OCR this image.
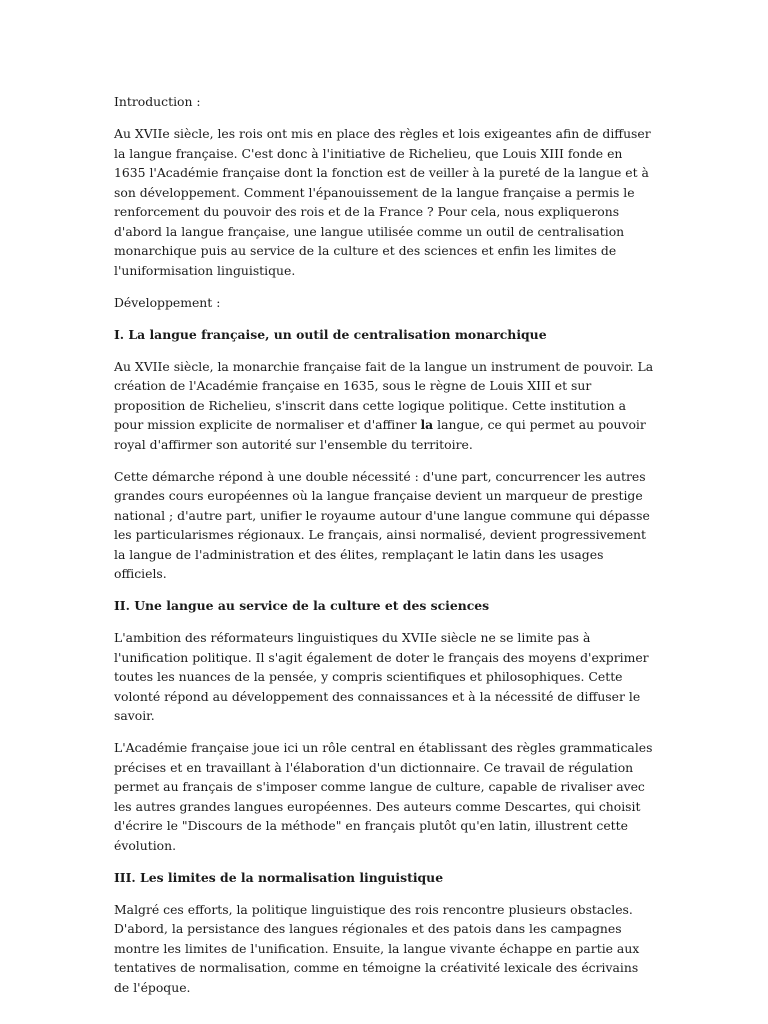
Introduction :

Au XVIIe siècle, les rois ont mis en place des règles et lois exigeantes afin de diffuser la langue française. C'est donc à l'initiative de Richelieu, que Louis XIII fonde en 1635 l'Académie française dont la fonction est de veiller à la pureté de la langue et à son développement. Comment l'épanouissement de la langue française a permis le renforcement du pouvoir des rois et de la France ? Pour cela, nous expliquerons d'abord la langue française, une langue utilisée comme un outil de centralisation monarchique puis au service de la culture et des sciences et enfin les limites de l'uniformisation linguistique.

Développement :

I. La langue française, un outil de centralisation monarchique

Au XVIIe siècle, la monarchie française fait de la langue un instrument de pouvoir. La création de l'Académie française en 1635, sous le règne de Louis XIII et sur proposition de Richelieu, s'inscrit dans cette logique politique. Cette institution a pour mission explicite de normaliser et d'affiner la langue, ce qui permet au pouvoir royal d'affirmer son autorité sur l'ensemble du territoire.

Cette démarche répond à une double nécessité : d'une part, concurrencer les autres grandes cours européennes où la langue française devient un marqueur de prestige national ; d'autre part, unifier le royaume autour d'une langue commune qui dépasse les particularismes régionaux. Le français, ainsi normalisé, devient progressivement la langue de l'administration et des élites, remplaçant le latin dans les usages officiels.

II. Une langue au service de la culture et des sciences

L'ambition des réformateurs linguistiques du XVIIe siècle ne se limite pas à l'unification politique. Il s'agit également de doter le français des moyens d'exprimer toutes les nuances de la pensée, y compris scientifiques et philosophiques. Cette volonté répond au développement des connaissances et à la nécessité de diffuser le savoir.

L'Académie française joue ici un rôle central en établissant des règles grammaticales précises et en travaillant à l'élaboration d'un dictionnaire. Ce travail de régulation permet au français de s'imposer comme langue de culture, capable de rivaliser avec les autres grandes langues européennes. Des auteurs comme Descartes, qui choisit d'écrire le "Discours de la méthode" en français plutôt qu'en latin, illustrent cette évolution.

III. Les limites de la normalisation linguistique

Malgré ces efforts, la politique linguistique des rois rencontre plusieurs obstacles. D'abord, la persistance des langues régionales et des patois dans les campagnes montre les limites de l'unification. Ensuite, la langue vivante échappe en partie aux tentatives de normalisation, comme en témoigne la créativité lexicale des écrivains de l'époque.
